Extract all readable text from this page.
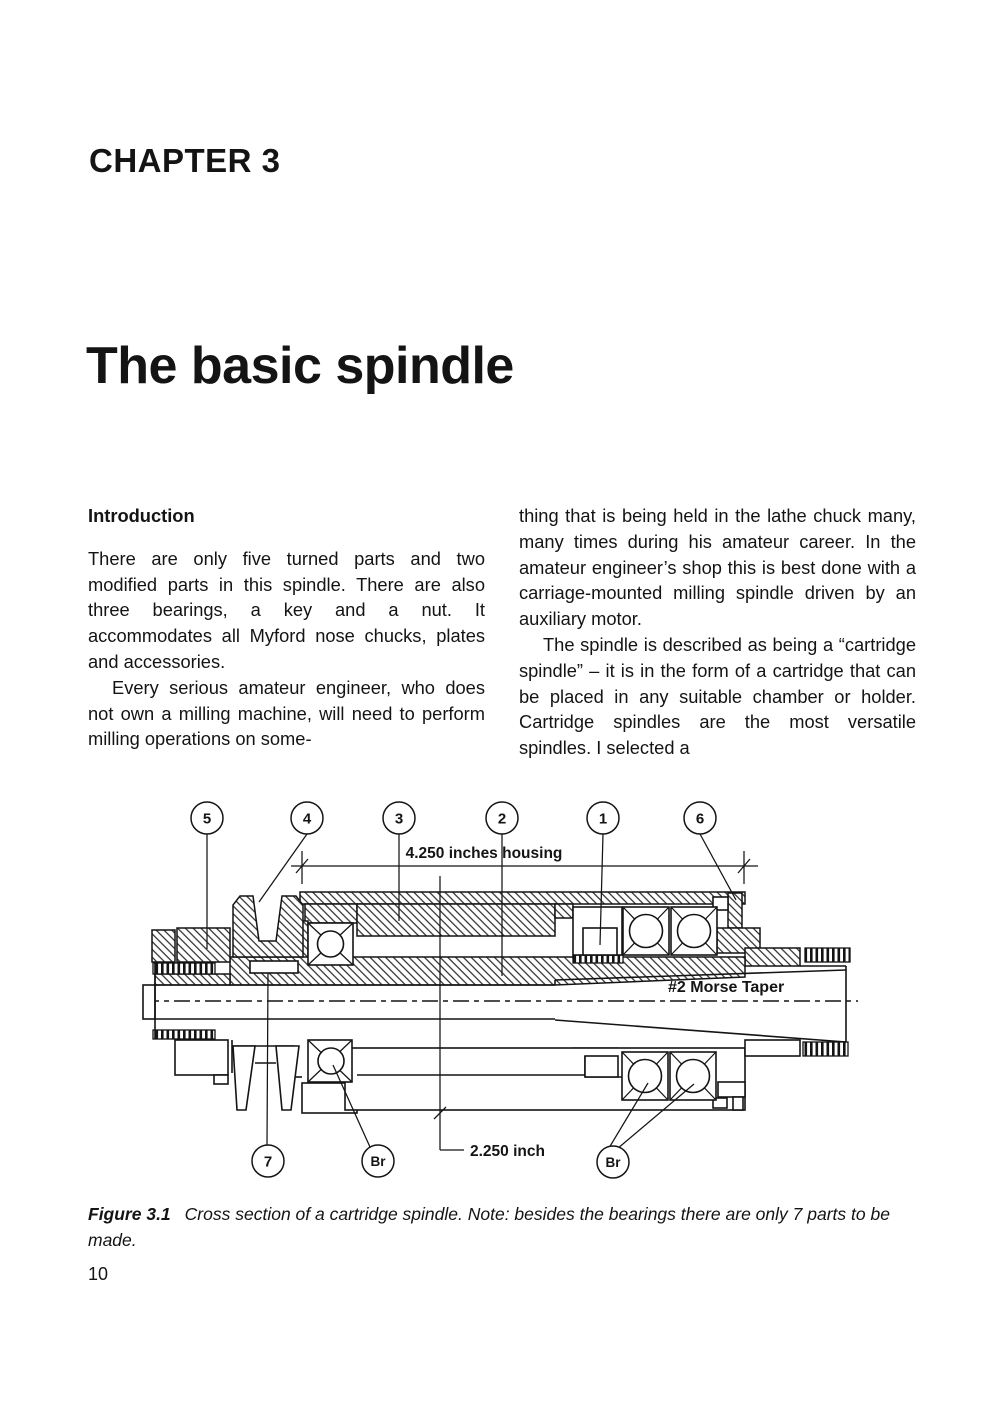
CHAPTER 3
The basic spindle
Introduction

There are only five turned parts and two modified parts in this spindle. There are also three bearings, a key and a nut. It accommodates all Myford nose chucks, plates and accessories.

Every serious amateur engineer, who does not own a milling machine, will need to perform milling operations on some-

thing that is being held in the lathe chuck many, many times during his amateur career. In the amateur engineer’s shop this is best done with a carriage-mounted milling spindle driven by an auxiliary motor.

The spindle is described as being a “cartridge spindle” – it is in the form of a cartridge that can be placed in any suitable chamber or holder. Cartridge spindles are the most versatile spindles. I selected a

4.250 inches housing
2.250 inch
#2 Morse Taper
5	4	3	2	1	6
7	Br	Br
Figure 3.1 Cross section of a cartridge spindle. Note: besides the bearings there are only 7 parts to be made.
10
